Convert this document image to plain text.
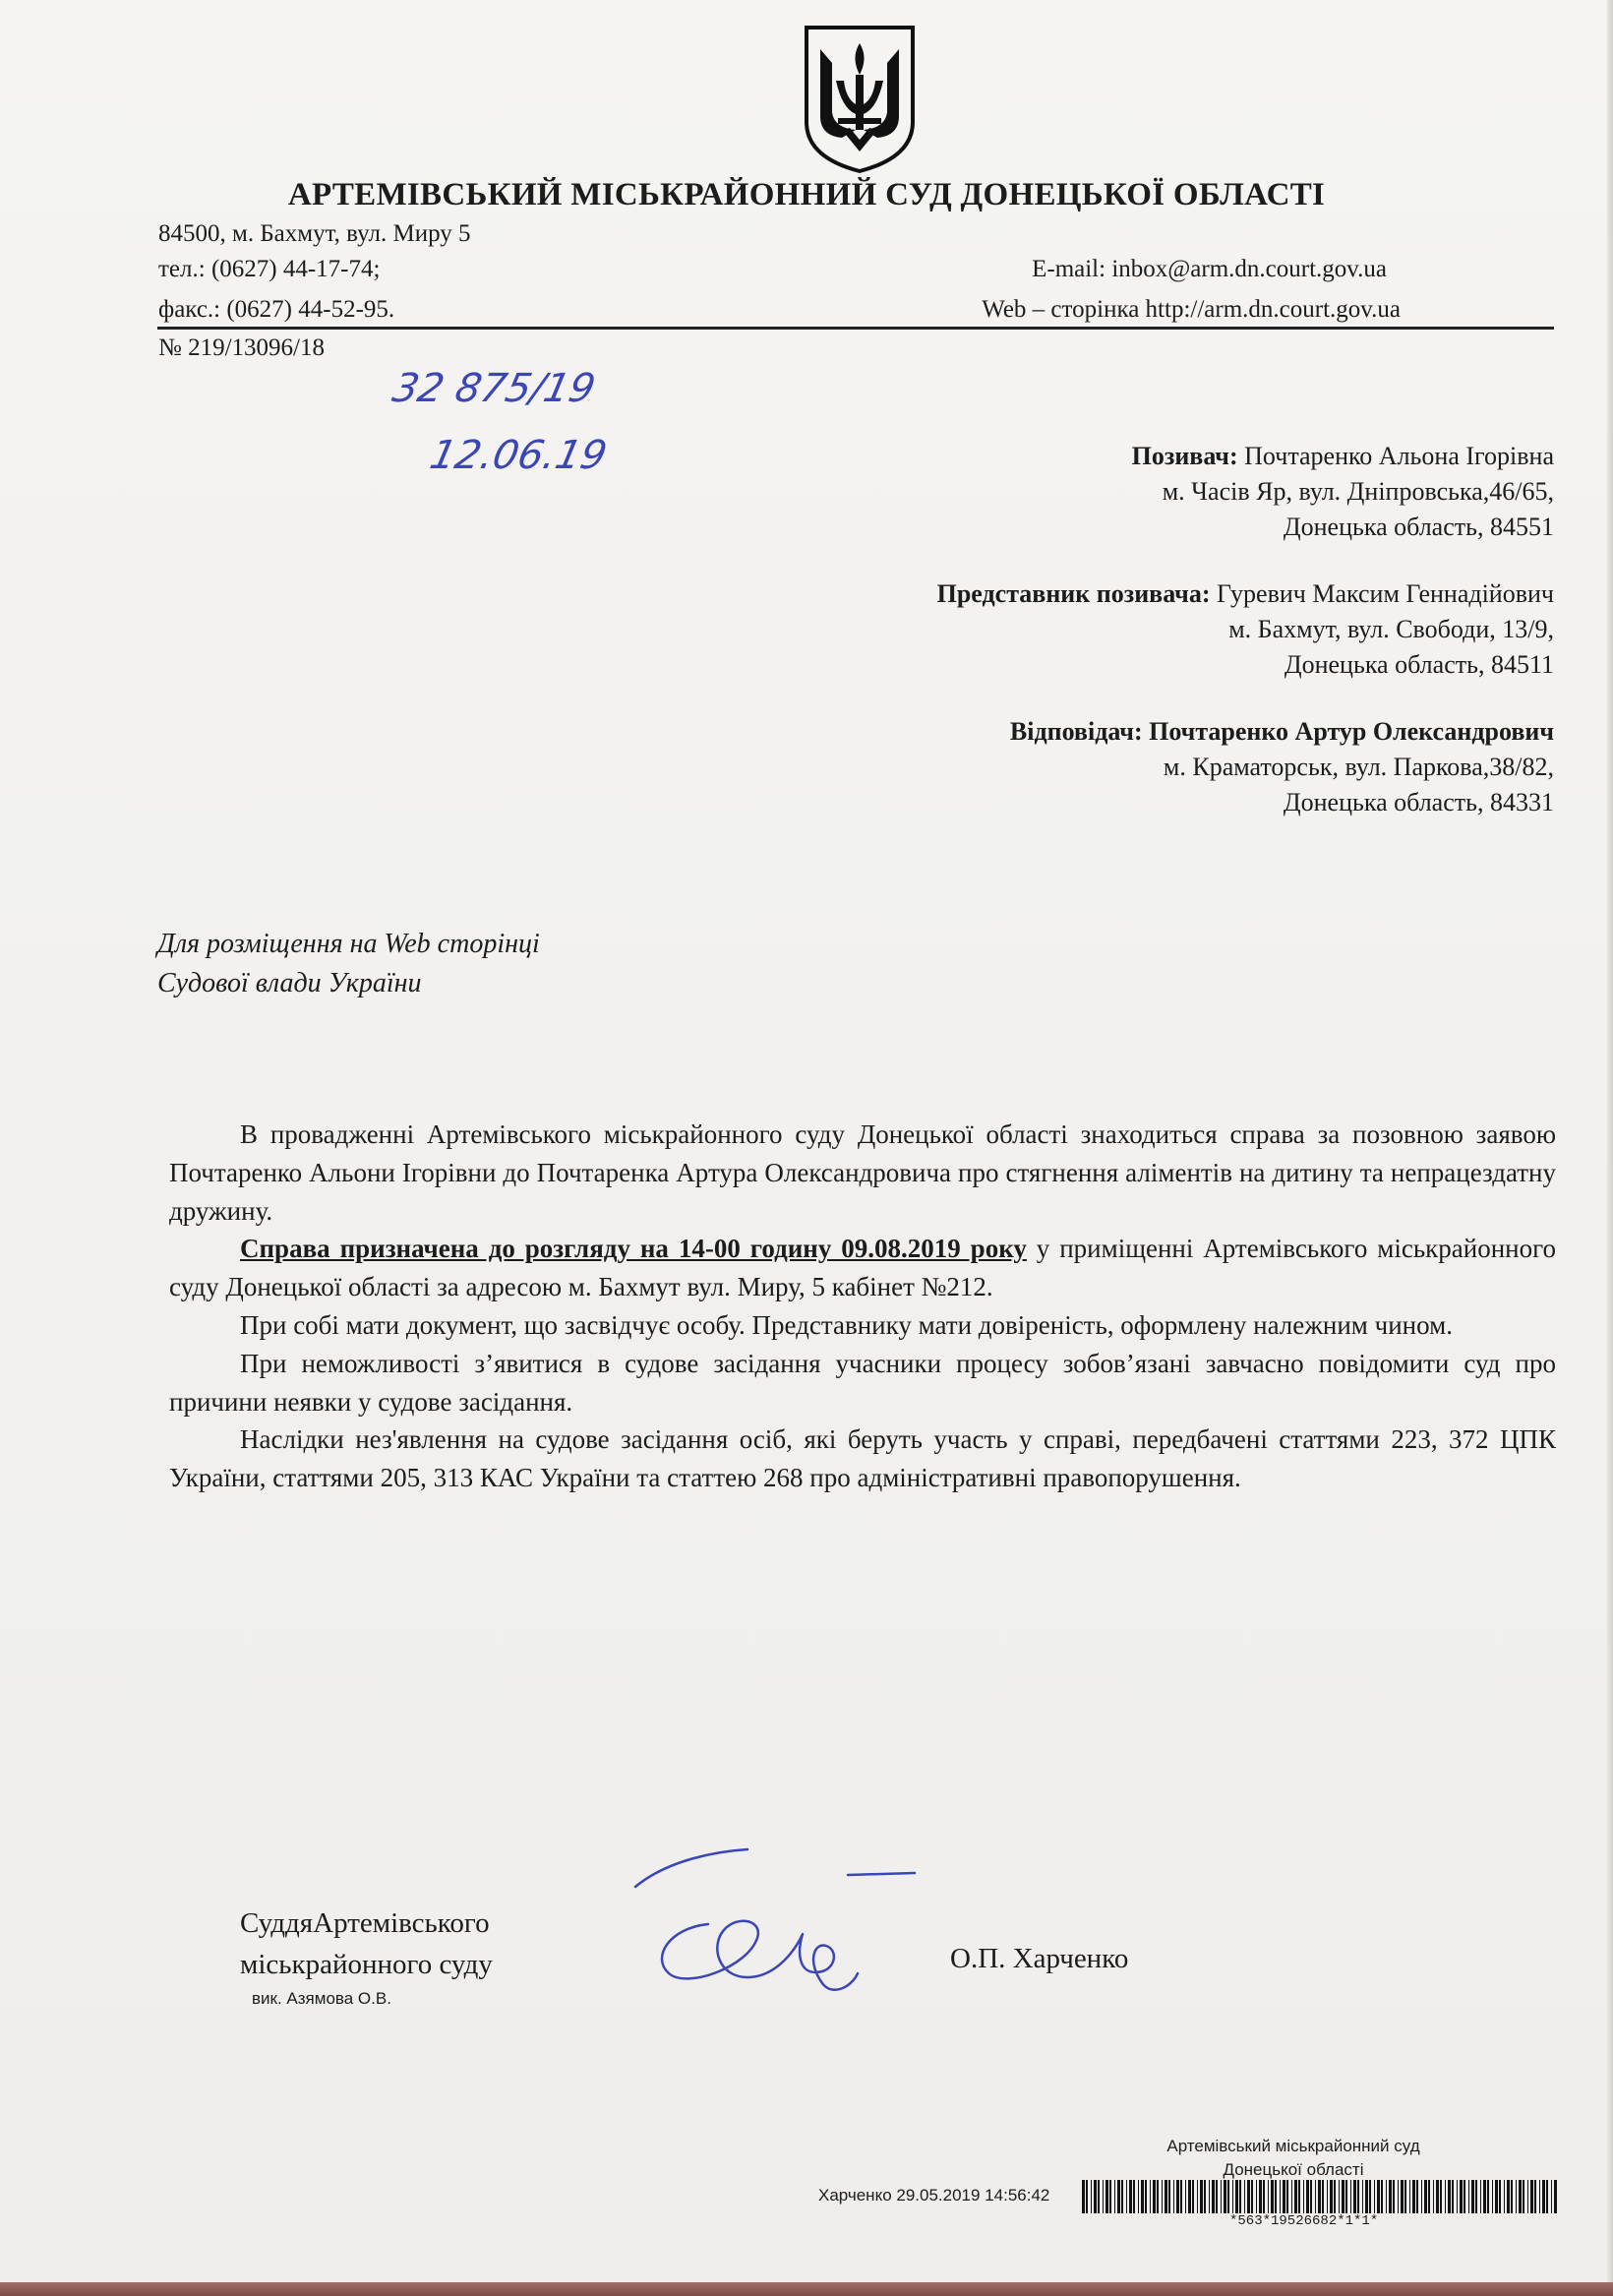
АРТЕМІВСЬКИЙ МІСЬКРАЙОННИЙ СУД ДОНЕЦЬКОЇ ОБЛАСТІ
84500, м. Бахмут, вул. Миру 5
тел.: (0627) 44-17-74;
факс.: (0627) 44-52-95.
E-mail: inbox@arm.dn.court.gov.ua
Web – сторінка http://arm.dn.court.gov.ua
№ 219/13096/18
32 875/19
12.06.19	Позивач: Почтаренко Альона Ігорівна
м. Часів Яр, вул. Дніпровська,46/65,
Донецька область, 84551
Представник позивача: Гуревич Максим Геннадійович
м. Бахмут, вул. Свободи, 13/9,
Донецька область, 84511
Відповідач: Почтаренко Артур Олександрович
м. Краматорськ, вул. Паркова,38/82,
Донецька область, 84331
Для розміщення на Web сторінці
Судової влади України

В провадженні Артемівського міськрайонного суду Донецької області знаходиться справа за позовною заявою Почтаренко Альони Ігорівни до Почтаренка Артура Олександровича про стягнення аліментів на дитину та непрацездатну дружину.

Справа призначена до розгляду на 14-00 годину 09.08.2019 року у приміщенні Артемівського міськрайонного суду Донецької області за адресою м. Бахмут вул. Миру, 5 кабінет №212.

При собі мати документ, що засвідчує особу. Представнику мати довіреність, оформлену належним чином.

При неможливості з’явитися в судове засідання учасники процесу зобов’язані завчасно повідомити суд про причини неявки у судове засідання.

Наслідки нез'явлення на судове засідання осіб, які беруть участь у справі, передбачені статтями 223, 372 ЦПК України, статтями 205, 313 КАС України та статтею 268 про адміністративні правопорушення.

СуддяАртемівського
міськрайонного суду
вик. Азямова О.В.
О.П. Харченко
Артемівський міськрайонний суд
Донецької області
Харченко 29.05.2019 14:56:42
*563*19526682*1*1*
